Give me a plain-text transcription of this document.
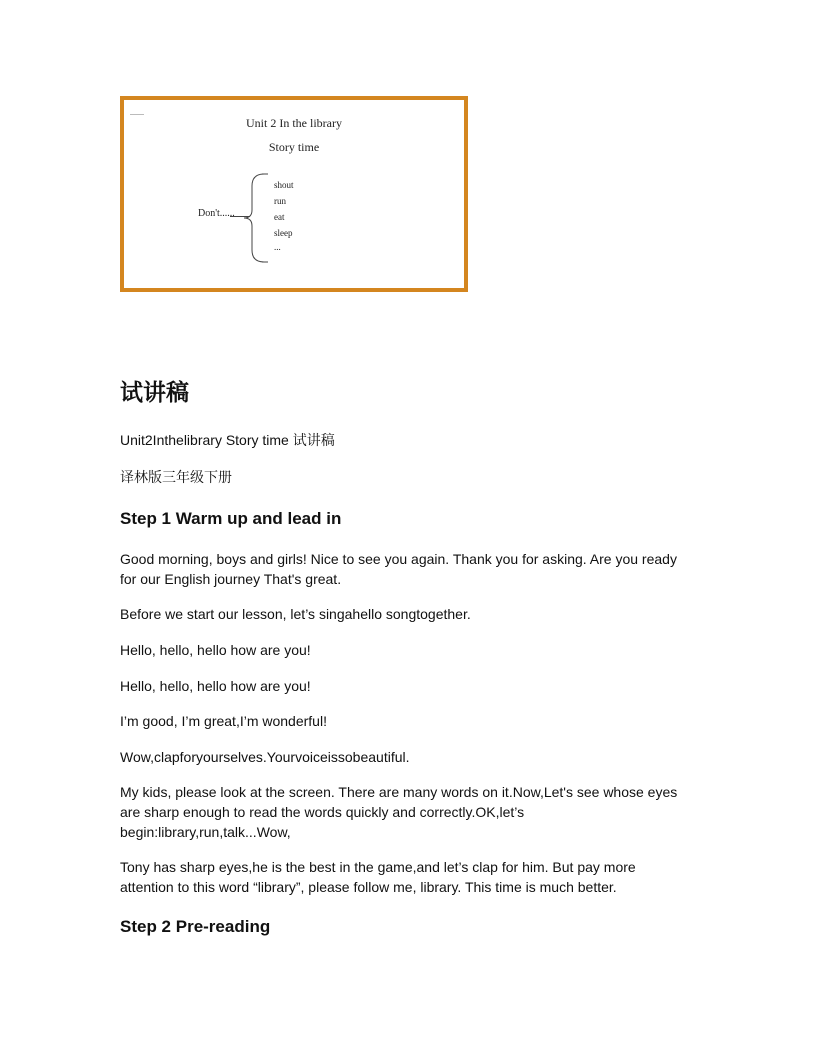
Unit 2 In the library
Story time
Don't......
shout
run
eat
sleep
...
试讲稿
Unit2Inthelibrary Story time 试讲稿
译林版三年级下册
Step 1 Warm up and lead in
Good morning, boys and girls! Nice to see you again. Thank you for asking. Are you ready for our English journey That's great.
Before we start our lesson, let’s singahello songtogether.
Hello, hello, hello how are you!
Hello, hello, hello how are you!
I’m good, I’m great,I’m wonderful!
Wow,clapforyourselves.Yourvoiceissobeautiful.
My kids, please look at the screen. There are many words on it.Now,Let's see whose eyes are sharp enough to read the words quickly and correctly.OK,let’s begin:library,run,talk...Wow,
Tony has sharp eyes,he is the best in the game,and let’s clap for him. But pay more attention to this word “library”, please follow me, library. This time is much better.
Step 2 Pre-reading
